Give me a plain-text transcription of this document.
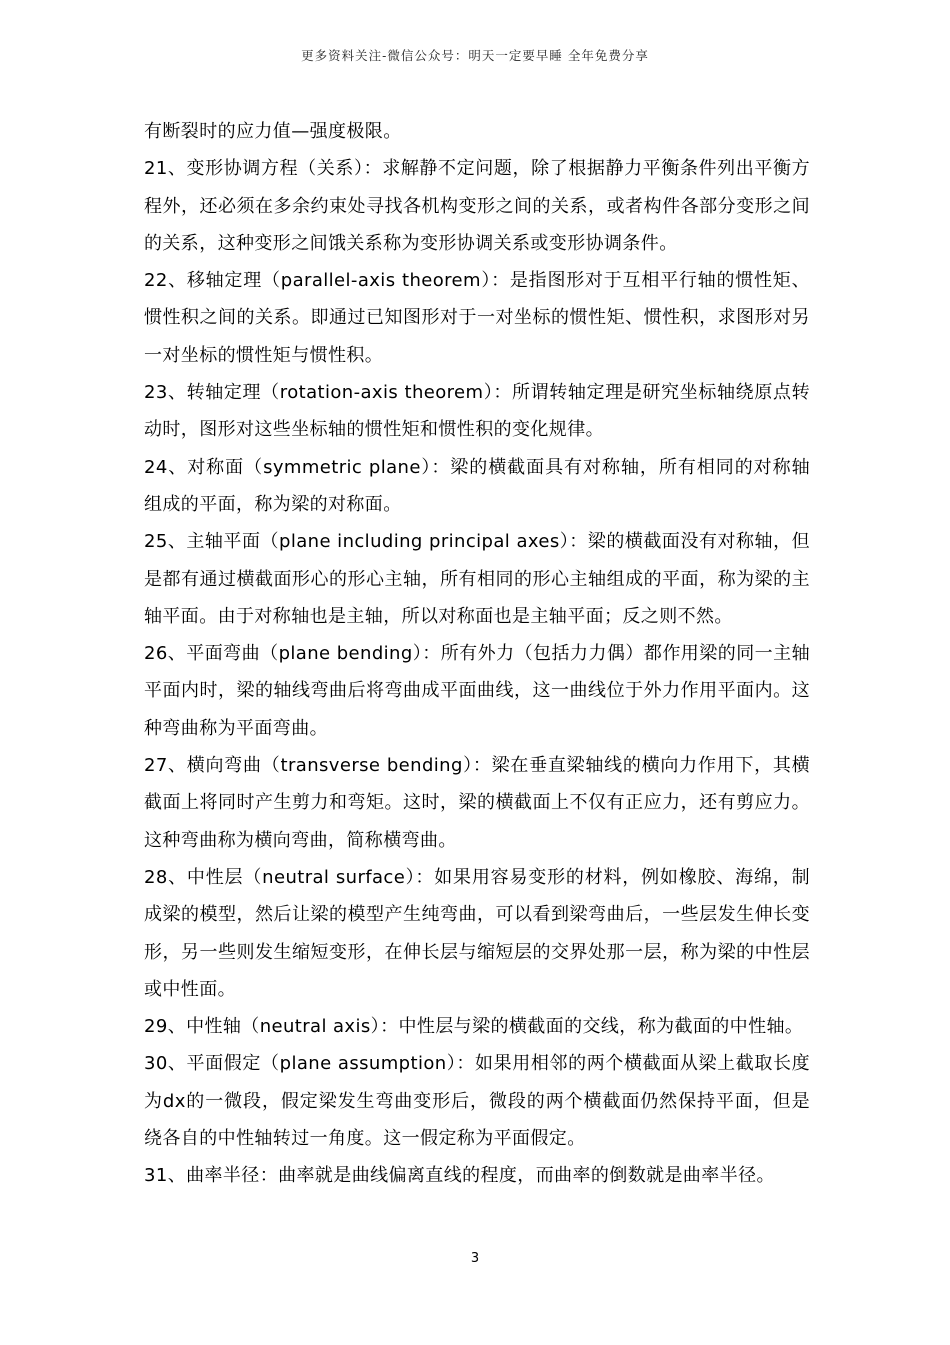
更多资料关注-微信公众号：明天一定要早睡 全年免费分享

有断裂时的应力值—强度极限。

21、变形协调方程（关系）：求解静不定问题，除了根据静力平衡条件列出平衡方程外，还必须在多余约束处寻找各机构变形之间的关系，或者构件各部分变形之间的关系，这种变形之间饿关系称为变形协调关系或变形协调条件。

22、移轴定理（parallel-axis theorem）：是指图形对于互相平行轴的惯性矩、惯性积之间的关系。即通过已知图形对于一对坐标的惯性矩、惯性积，求图形对另一对坐标的惯性矩与惯性积。

23、转轴定理（rotation-axis theorem）：所谓转轴定理是研究坐标轴绕原点转动时，图形对这些坐标轴的惯性矩和惯性积的变化规律。

24、对称面（symmetric plane）：梁的横截面具有对称轴，所有相同的对称轴组成的平面，称为梁的对称面。

25、主轴平面（plane including principal axes）：梁的横截面没有对称轴，但是都有通过横截面形心的形心主轴，所有相同的形心主轴组成的平面，称为梁的主轴平面。由于对称轴也是主轴，所以对称面也是主轴平面；反之则不然。

26、平面弯曲（plane bending）：所有外力（包括力力偶）都作用梁的同一主轴平面内时，梁的轴线弯曲后将弯曲成平面曲线，这一曲线位于外力作用平面内。这种弯曲称为平面弯曲。

27、横向弯曲（transverse bending）：梁在垂直梁轴线的横向力作用下，其横截面上将同时产生剪力和弯矩。这时，梁的横截面上不仅有正应力，还有剪应力。这种弯曲称为横向弯曲，简称横弯曲。

28、中性层（neutral surface）：如果用容易变形的材料，例如橡胶、海绵，制成梁的模型，然后让梁的模型产生纯弯曲，可以看到梁弯曲后，一些层发生伸长变形，另一些则发生缩短变形，在伸长层与缩短层的交界处那一层，称为梁的中性层或中性面。

29、中性轴（neutral axis）：中性层与梁的横截面的交线，称为截面的中性轴。

30、平面假定（plane assumption）：如果用相邻的两个横截面从梁上截取长度为dx的一微段，假定梁发生弯曲变形后，微段的两个横截面仍然保持平面，但是绕各自的中性轴转过一角度。这一假定称为平面假定。

31、曲率半径：曲率就是曲线偏离直线的程度，而曲率的倒数就是曲率半径。

3
